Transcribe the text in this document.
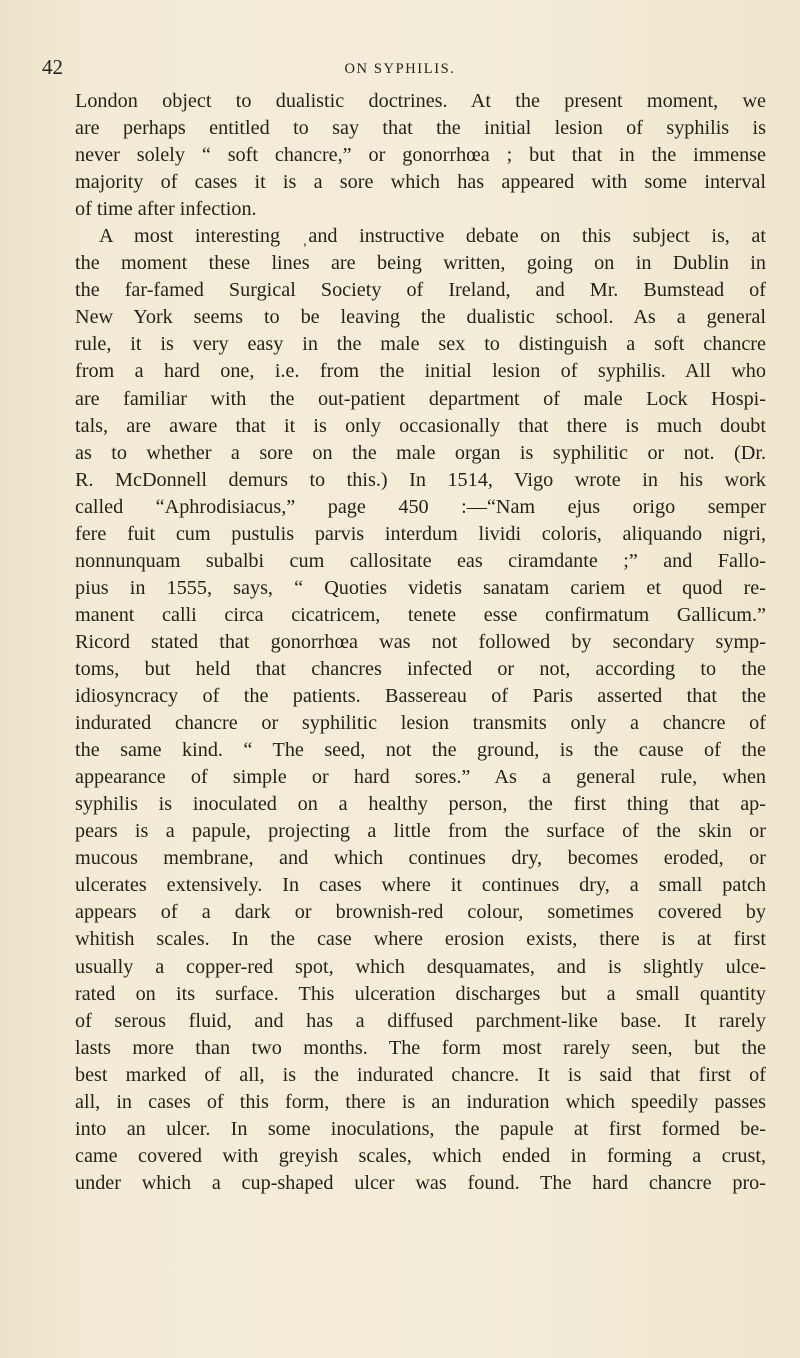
42	ON SYPHILIS.
London object to dualistic doctrines. At the present moment, we
are perhaps entitled to say that the initial lesion of syphilis is
never solely “ soft chancre,” or gonorrhœa ; but that in the immense
majority of cases it is a sore which has appeared with some interval
of time after infection.
A most interesting ˌand instructive debate on this subject is, at
the moment these lines are being written, going on in Dublin in
the far-famed Surgical Society of Ireland, and Mr. Bumstead of
New York seems to be leaving the dualistic school. As a general
rule, it is very easy in the male sex to distinguish a soft chancre
from a hard one, i.e. from the initial lesion of syphilis. All who
are familiar with the out-patient department of male Lock Hospi-
tals, are aware that it is only occasionally that there is much doubt
as to whether a sore on the male organ is syphilitic or not. (Dr.
R. McDonnell demurs to this.) In 1514, Vigo wrote in his work
called “Aphrodisiacus,” page 450 :—“Nam ejus origo semper
fere fuit cum pustulis parvis interdum lividi coloris, aliquando nigri,
nonnunquam subalbi cum callositate eas ciramdante ;” and Fallo-
pius in 1555, says, “ Quoties videtis sanatam cariem et quod re-
manent calli circa cicatricem, tenete esse confirmatum Gallicum.”
Ricord stated that gonorrhœa was not followed by secondary symp-
toms, but held that chancres infected or not, according to the
idiosyncracy of the patients. Bassereau of Paris asserted that the
indurated chancre or syphilitic lesion transmits only a chancre of
the same kind. “ The seed, not the ground, is the cause of the
appearance of simple or hard sores.” As a general rule, when
syphilis is inoculated on a healthy person, the first thing that ap-
pears is a papule, projecting a little from the surface of the skin or
mucous membrane, and which continues dry, becomes eroded, or
ulcerates extensively. In cases where it continues dry, a small patch
appears of a dark or brownish-red colour, sometimes covered by
whitish scales. In the case where erosion exists, there is at first
usually a copper-red spot, which desquamates, and is slightly ulce-
rated on its surface. This ulceration discharges but a small quantity
of serous fluid, and has a diffused parchment-like base. It rarely
lasts more than two months. The form most rarely seen, but the
best marked of all, is the indurated chancre. It is said that first of
all, in cases of this form, there is an induration which speedily passes
into an ulcer. In some inoculations, the papule at first formed be-
came covered with greyish scales, which ended in forming a crust,
under which a cup-shaped ulcer was found. The hard chancre pro-
